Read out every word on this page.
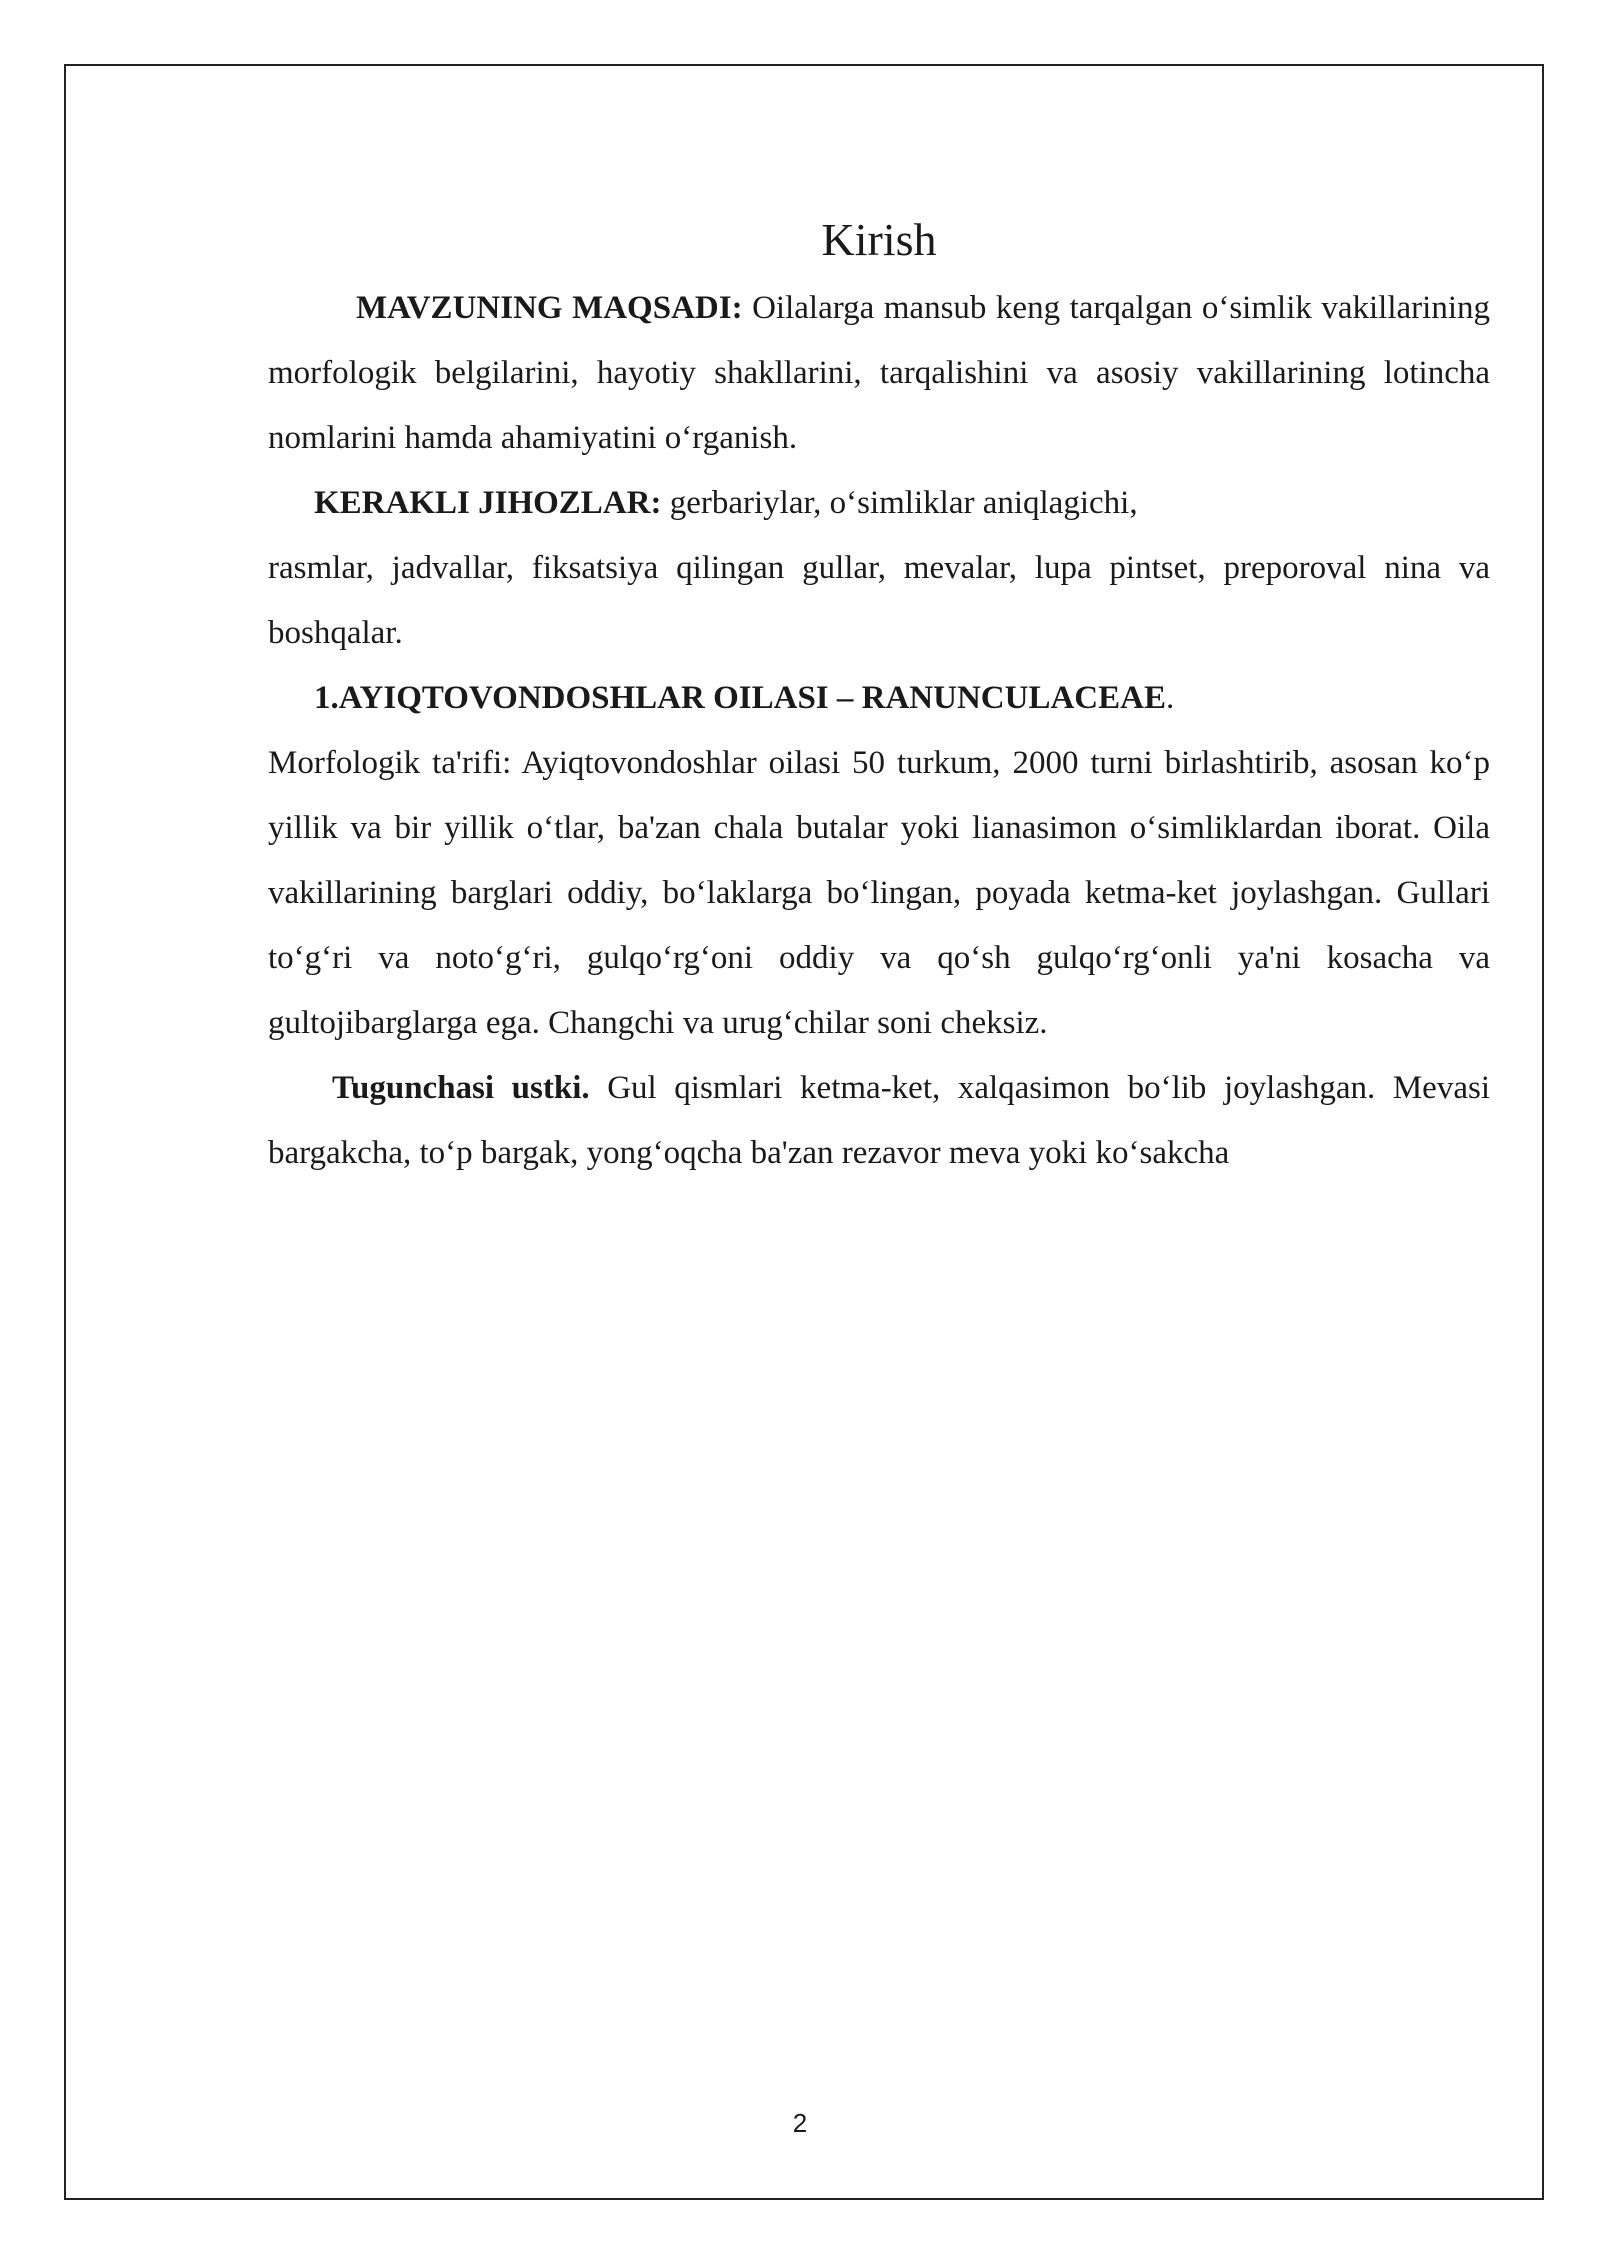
Kirish

MAVZUNING MAQSADI: Oilalarga mansub keng tarqalgan o‘simlik vakillarining morfologik belgilarini, hayotiy shakllarini, tarqalishini va asosiy vakillarining lotincha nomlarini hamda ahamiyatini o‘rganish.

KERAKLI JIHOZLAR: gerbariylar, o‘simliklar aniqlagichi,

rasmlar, jadvallar, fiksatsiya qilingan gullar, mevalar, lupa pintset, preporoval nina va boshqalar.

1.AYIQTOVONDOSHLAR OILASI – RANUNCULACEAE.

Morfologik ta'rifi: Ayiqtovondoshlar oilasi 50 turkum, 2000 turni birlashtirib, asosan ko‘p yillik va bir yillik o‘tlar, ba'zan chala butalar yoki lianasimon o‘simliklardan iborat. Oila vakillarining barglari oddiy, bo‘laklarga bo‘lingan, poyada ketma-ket joylashgan. Gullari to‘g‘ri va noto‘g‘ri, gulqo‘rg‘oni oddiy va qo‘sh gulqo‘rg‘onli ya'ni kosacha va gultojibarglarga ega. Changchi va urug‘chilar soni cheksiz.

Tugunchasi ustki. Gul qismlari ketma-ket, xalqasimon bo‘lib joylashgan. Mevasi bargakcha, to‘p bargak, yong‘oqcha ba'zan rezavor meva yoki ko‘sakcha

2
